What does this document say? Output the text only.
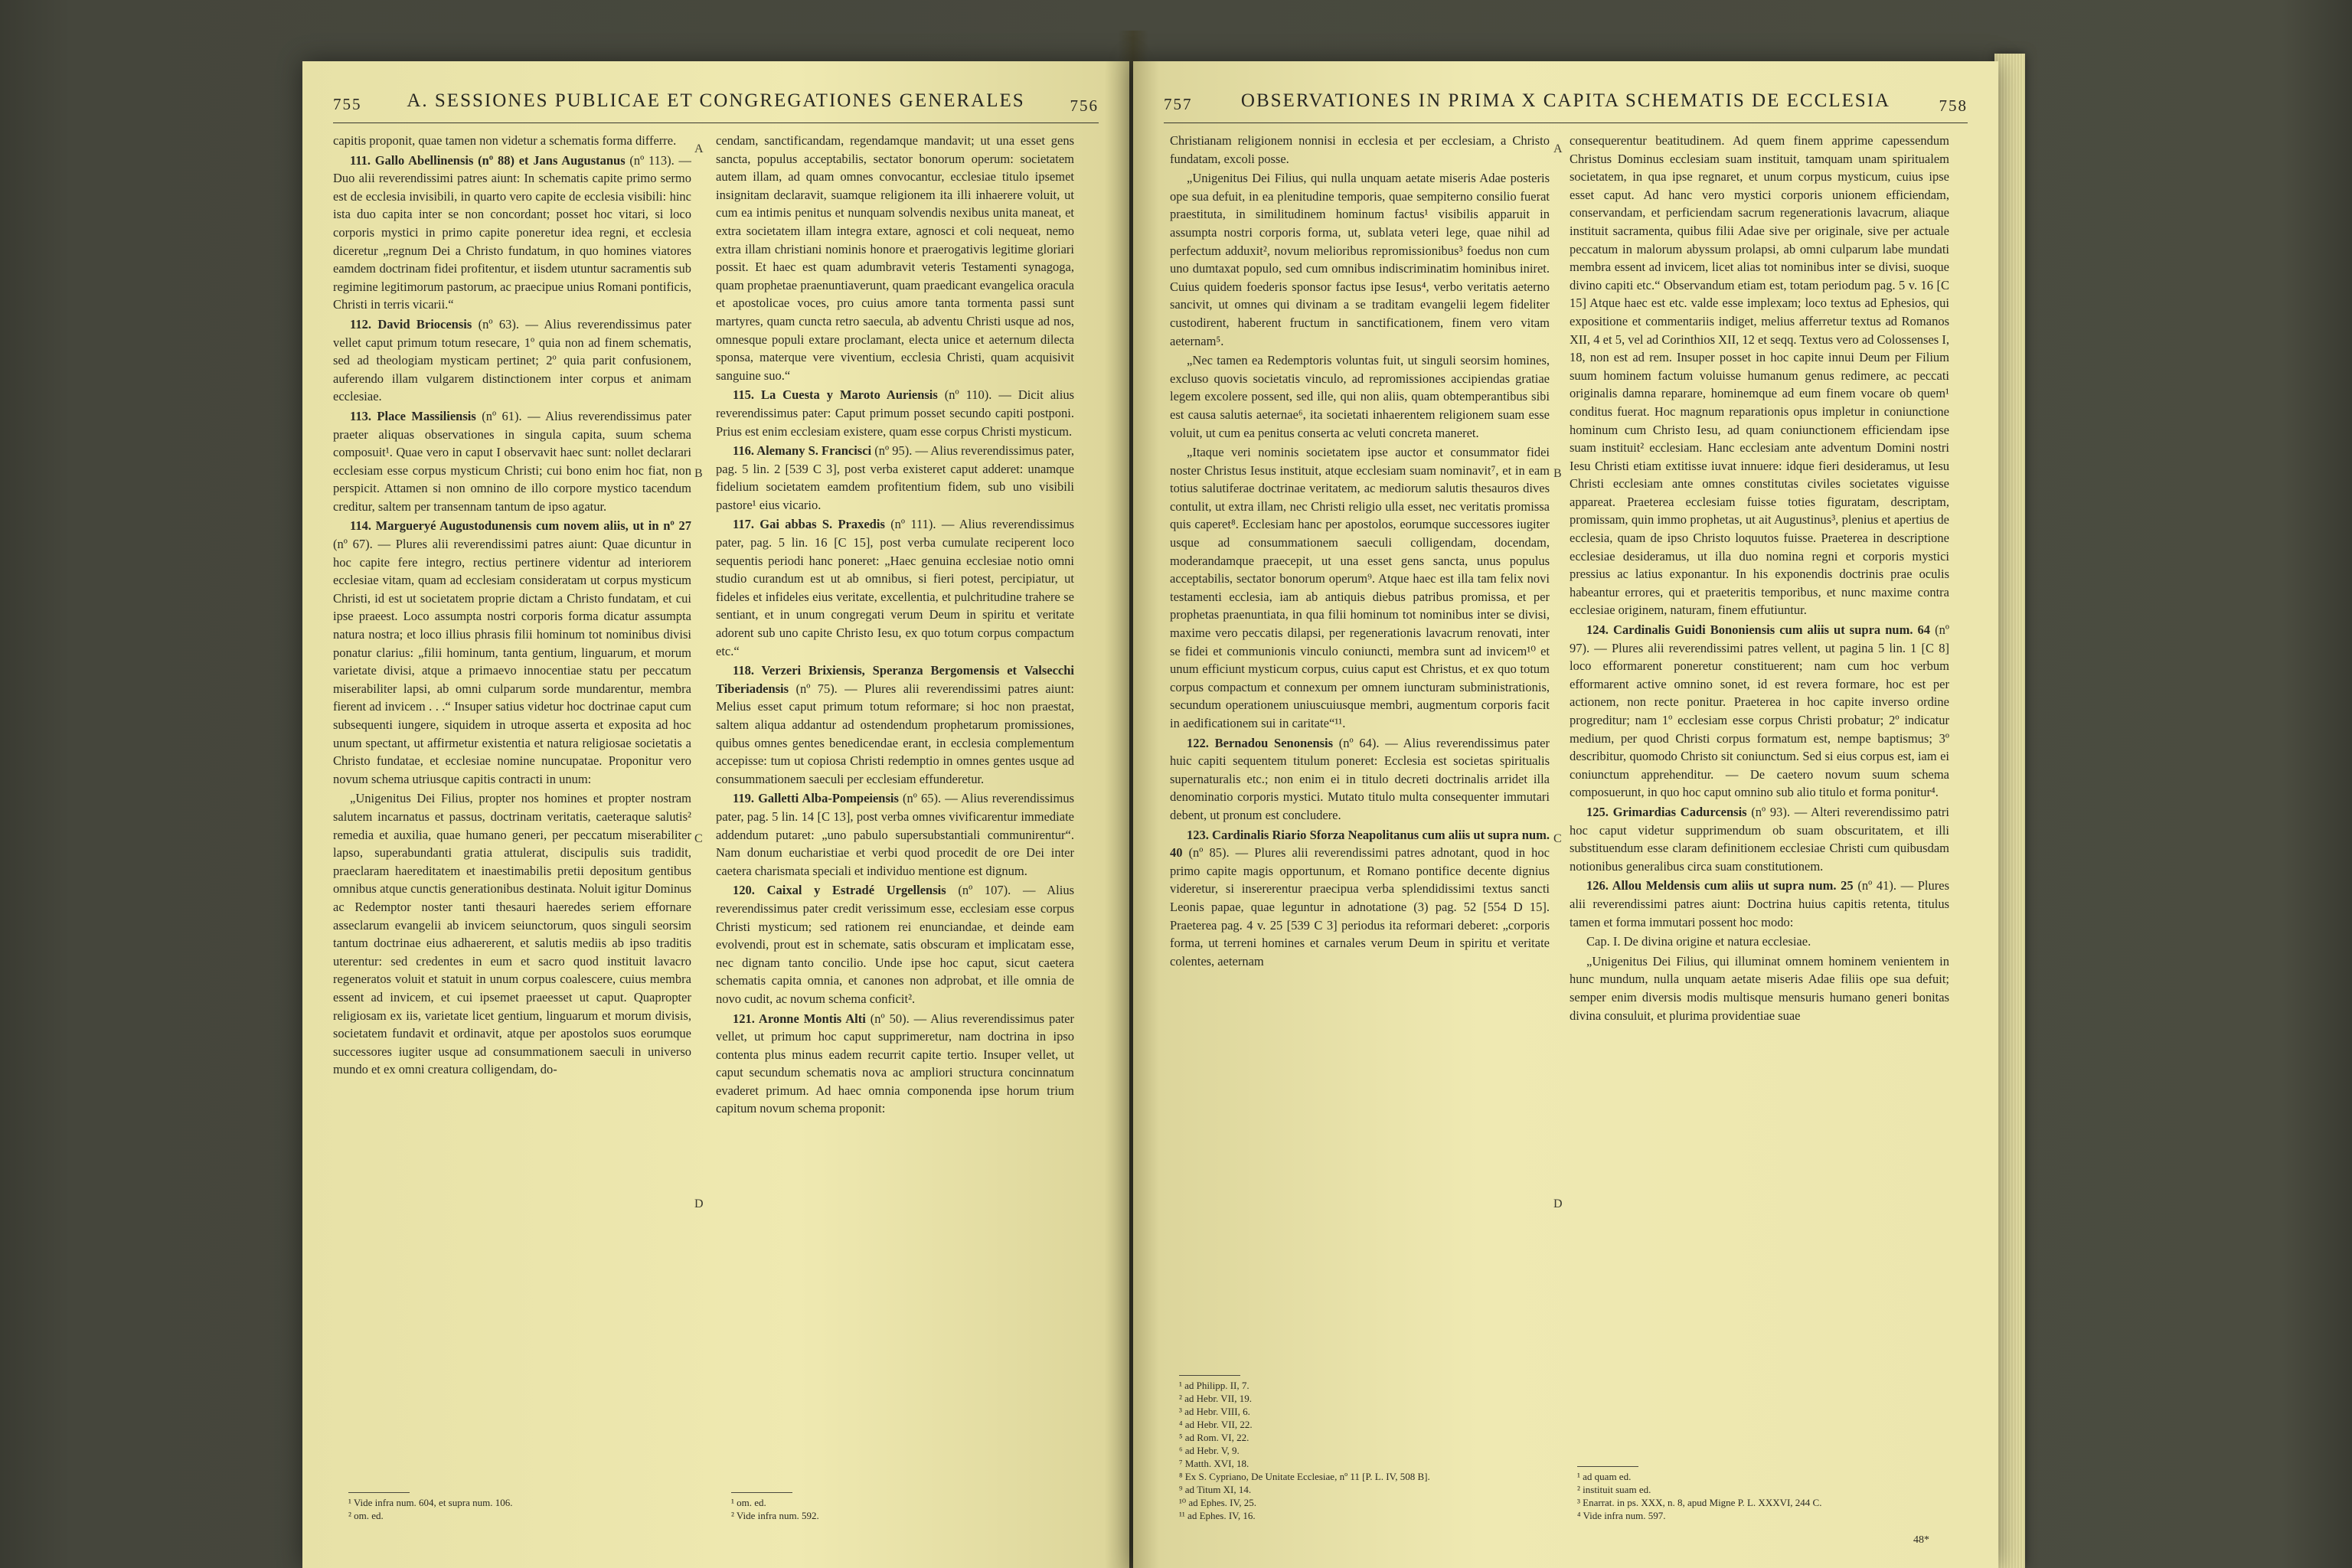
755	A. SESSIONES PUBLICAE ET CONGREGATIONES GENERALES	756

capitis proponit, quae tamen non videtur a schematis forma differre.

111. Gallo Abellinensis (nº 88) et Jans Augustanus (nº 113). — Duo alii reverendissimi patres aiunt: In schematis capite primo sermo est de ecclesia invisibili, in quarto vero capite de ecclesia visibili: hinc ista duo capita inter se non concordant; posset hoc vitari, si loco corporis mystici in primo capite poneretur idea regni, et ecclesia diceretur „regnum Dei a Christo fundatum, in quo homines viatores eamdem doctrinam fidei profitentur, et iisdem utuntur sacramentis sub regimine legitimorum pastorum, ac praecipue unius Romani pontificis, Christi in terris vicarii.“

112. David Briocensis (nº 63). — Alius reverendissimus pater vellet caput primum totum resecare, 1º quia non ad finem schematis, sed ad theologiam mysticam pertinet; 2º quia parit confusionem, auferendo illam vulgarem distinctionem inter corpus et animam ecclesiae.

113. Place Massiliensis (nº 61). — Alius reverendissimus pater praeter aliquas observationes in singula capita, suum schema composuit¹. Quae vero in caput I observavit haec sunt: nollet declarari ecclesiam esse corpus mysticum Christi; cui bono enim hoc fiat, non perspicit. Attamen si non omnino de illo corpore mystico tacendum creditur, saltem per transennam tantum de ipso agatur.

114. Margueryé Augustodunensis cum novem aliis, ut in nº 27 (nº 67). — Plures alii reverendissimi patres aiunt: Quae dicuntur in hoc capite fere integro, rectius pertinere videntur ad interiorem ecclesiae vitam, quam ad ecclesiam consideratam ut corpus mysticum Christi, id est ut societatem proprie dictam a Christo fundatam, et cui ipse praeest. Loco assumpta nostri corporis forma dicatur assumpta natura nostra; et loco illius phrasis filii hominum tot nominibus divisi ponatur clarius: „filii hominum, tanta gentium, linguarum, et morum varietate divisi, atque a primaevo innocentiae statu per peccatum miserabiliter lapsi, ab omni culparum sorde mundarentur, membra fierent ad invicem . . .“ Insuper satius videtur hoc doctrinae caput cum subsequenti iungere, siquidem in utroque asserta et exposita ad hoc unum spectant, ut affirmetur existentia et natura religiosae societatis a Christo fundatae, et ecclesiae nomine nuncupatae. Proponitur vero novum schema utriusque capitis contracti in unum:

„Unigenitus Dei Filius, propter nos homines et propter nostram salutem incarnatus et passus, doctrinam veritatis, caeteraque salutis² remedia et auxilia, quae humano generi, per peccatum miserabiliter lapso, superabundanti gratia attulerat, discipulis suis tradidit, praeclaram haereditatem et inaestimabilis pretii depositum gentibus omnibus atque cunctis generationibus destinata. Noluit igitur Dominus ac Redemptor noster tanti thesauri haeredes seriem effornare asseclarum evangelii ab invicem seiunctorum, quos singuli seorsim tantum doctrinae eius adhaererent, et salutis mediis ab ipso traditis uterentur: sed credentes in eum et sacro quod instituit lavacro regeneratos voluit et statuit in unum corpus coalescere, cuius membra essent ad invicem, et cui ipsemet praeesset ut caput. Quapropter religiosam ex iis, varietate licet gentium, linguarum et morum divisis, societatem fundavit et ordinavit, atque per apostolos suos eorumque successores iugiter usque ad consummationem saeculi in universo mundo et ex omni creatura colligendam, do-

cendam, sanctificandam, regendamque mandavit; ut una esset gens sancta, populus acceptabilis, sectator bonorum operum: societatem autem illam, ad quam omnes convocantur, ecclesiae titulo ipsemet insignitam declaravit, suamque religionem ita illi inhaerere voluit, ut cum ea intimis penitus et nunquam solvendis nexibus unita maneat, et extra societatem illam integra extare, agnosci et coli nequeat, nemo extra illam christiani nominis honore et praerogativis legitime gloriari possit. Et haec est quam adumbravit veteris Testamenti synagoga, quam prophetae praenuntiaverunt, quam praedicant evangelica oracula et apostolicae voces, pro cuius amore tanta tormenta passi sunt martyres, quam cuncta retro saecula, ab adventu Christi usque ad nos, omnesque populi extare proclamant, electa unice et aeternum dilecta sponsa, materque vere viventium, ecclesia Christi, quam acquisivit sanguine suo.“

115. La Cuesta y Maroto Auriensis (nº 110). — Dicit alius reverendissimus pater: Caput primum posset secundo capiti postponi. Prius est enim ecclesiam existere, quam esse corpus Christi mysticum.

116. Alemany S. Francisci (nº 95). — Alius reverendissimus pater, pag. 5 lin. 2 [539 C 3], post verba existeret caput adderet: unamque fidelium societatem eamdem profitentium fidem, sub uno visibili pastore¹ eius vicario.

117. Gai abbas S. Praxedis (nº 111). — Alius reverendissimus pater, pag. 5 lin. 16 [C 15], post verba cumulate reciperent loco sequentis periodi hanc poneret: „Haec genuina ecclesiae notio omni studio curandum est ut ab omnibus, si fieri potest, percipiatur, ut fideles et infideles eius veritate, excellentia, et pulchritudine trahere se sentiant, et in unum congregati verum Deum in spiritu et veritate adorent sub uno capite Christo Iesu, ex quo totum corpus compactum etc.“

118. Verzeri Brixiensis, Speranza Bergomensis et Valsecchi Tiberiadensis (nº 75). — Plures alii reverendissimi patres aiunt: Melius esset caput primum totum reformare; si hoc non praestat, saltem aliqua addantur ad ostendendum prophetarum promissiones, quibus omnes gentes benedicendae erant, in ecclesia complementum accepisse: tum ut copiosa Christi redemptio in omnes gentes usque ad consummationem saeculi per ecclesiam effunderetur.

119. Galletti Alba-Pompeiensis (nº 65). — Alius reverendissimus pater, pag. 5 lin. 14 [C 13], post verba omnes vivificarentur immediate addendum putaret: „uno pabulo supersubstantiali communirentur“. Nam donum eucharistiae et verbi quod procedit de ore Dei inter caetera charismata speciali et individuo mentione est dignum.

120. Caixal y Estradé Urgellensis (nº 107). — Alius reverendissimus pater credit verissimum esse, ecclesiam esse corpus Christi mysticum; sed rationem rei enunciandae, et deinde eam evolvendi, prout est in schemate, satis obscuram et implicatam esse, nec dignam tanto concilio. Unde ipse hoc caput, sicut caetera schematis capita omnia, et canones non adprobat, et ille omnia de novo cudit, ac novum schema conficit².

121. Aronne Montis Alti (nº 50). — Alius reverendissimus pater vellet, ut primum hoc caput supprimeretur, nam doctrina in ipso contenta plus minus eadem recurrit capite tertio. Insuper vellet, ut caput secundum schematis nova ac ampliori structura concinnatum evaderet primum. Ad haec omnia componenda ipse horum trium capitum novum schema proponit:

A
B
C
D
¹ Vide infra num. 604, et supra num. 106.
² om. ed.
¹ om. ed.
² Vide infra num. 592.
757	OBSERVATIONES IN PRIMA X CAPITA SCHEMATIS DE ECCLESIA	758

Christianam religionem nonnisi in ecclesia et per ecclesiam, a Christo fundatam, excoli posse.

„Unigenitus Dei Filius, qui nulla unquam aetate miseris Adae posteris ope sua defuit, in ea plenitudine temporis, quae sempiterno consilio fuerat praestituta, in similitudinem hominum factus¹ visibilis apparuit in assumpta nostri corporis forma, ut, sublata veteri lege, quae nihil ad perfectum adduxit², novum melioribus repromissionibus³ foedus non cum uno dumtaxat populo, sed cum omnibus indiscriminatim hominibus iniret. Cuius quidem foederis sponsor factus ipse Iesus⁴, verbo veritatis aeterno sancivit, ut omnes qui divinam a se traditam evangelii legem fideliter custodirent, haberent fructum in sanctificationem, finem vero vitam aeternam⁵.

„Nec tamen ea Redemptoris voluntas fuit, ut singuli seorsim homines, excluso quovis societatis vinculo, ad repromissiones accipiendas gratiae legem excolere possent, sed ille, qui non aliis, quam obtemperantibus sibi est causa salutis aeternae⁶, ita societati inhaerentem religionem suam esse voluit, ut cum ea penitus conserta ac veluti concreta maneret.

„Itaque veri nominis societatem ipse auctor et consummator fidei noster Christus Iesus instituit, atque ecclesiam suam nominavit⁷, et in eam totius salutiferae doctrinae veritatem, ac mediorum salutis thesauros dives contulit, ut extra illam, nec Christi religio ulla esset, nec veritatis promissa quis caperet⁸. Ecclesiam hanc per apostolos, eorumque successores iugiter usque ad consummationem saeculi colligendam, docendam, moderandamque praecepit, ut una esset gens sancta, unus populus acceptabilis, sectator bonorum operum⁹. Atque haec est illa tam felix novi testamenti ecclesia, iam ab antiquis diebus patribus promissa, et per prophetas praenuntiata, in qua filii hominum tot nominibus inter se divisi, maxime vero peccatis dilapsi, per regenerationis lavacrum renovati, inter se fidei et communionis vinculo coniuncti, membra sunt ad invicem¹⁰ et unum efficiunt mysticum corpus, cuius caput est Christus, et ex quo totum corpus compactum et connexum per omnem iuncturam subministrationis, secundum operationem uniuscuiusque membri, augmentum corporis facit in aedificationem sui in caritate“¹¹.

122. Bernadou Senonensis (nº 64). — Alius reverendissimus pater huic capiti sequentem titulum poneret: Ecclesia est societas spiritualis supernaturalis etc.; non enim ei in titulo decreti doctrinalis arridet illa denominatio corporis mystici. Mutato titulo multa consequenter immutari debent, ut pronum est concludere.

123. Cardinalis Riario Sforza Neapolitanus cum aliis ut supra num. 40 (nº 85). — Plures alii reverendissimi patres adnotant, quod in hoc primo capite magis opportunum, et Romano pontifice decente dignius videretur, si insererentur praecipua verba splendidissimi textus sancti Leonis papae, quae leguntur in adnotatione (3) pag. 52 [554 D 15]. Praeterea pag. 4 v. 25 [539 C 3] periodus ita reformari deberet: „corporis forma, ut terreni homines et carnales verum Deum in spiritu et veritate colentes, aeternam

consequerentur beatitudinem. Ad quem finem apprime capessendum Christus Dominus ecclesiam suam instituit, tamquam unam spiritualem societatem, in qua ipse regnaret, et unum corpus mysticum, cuius ipse esset caput. Ad hanc vero mystici corporis unionem efficiendam, conservandam, et perficiendam sacrum regenerationis lavacrum, aliaque instituit sacramenta, quibus filii Adae sive per originale, sive per actuale peccatum in malorum abyssum prolapsi, ab omni culparum labe mundati membra essent ad invicem, licet alias tot nominibus inter se divisi, suoque divino capiti etc.“ Observandum etiam est, totam periodum pag. 5 v. 16 [C 15] Atque haec est etc. valde esse implexam; loco textus ad Ephesios, qui expositione et commentariis indiget, melius afferretur textus ad Romanos XII, 4 et 5, vel ad Corinthios XII, 12 et seqq. Textus vero ad Colossenses I, 18, non est ad rem. Insuper posset in hoc capite innui Deum per Filium suum hominem factum voluisse humanum genus redimere, ac peccati originalis damna reparare, hominemque ad eum finem vocare ob quem¹ conditus fuerat. Hoc magnum reparationis opus impletur in coniunctione hominum cum Christo Iesu, ad quam coniunctionem efficiendam ipse suam instituit² ecclesiam. Hanc ecclesiam ante adventum Domini nostri Iesu Christi etiam extitisse iuvat innuere: idque fieri desideramus, ut Iesu Christi ecclesiam ante omnes constitutas civiles societates viguisse appareat. Praeterea ecclesiam fuisse toties figuratam, descriptam, promissam, quin immo prophetas, ut ait Augustinus³, plenius et apertius de ecclesia, quam de ipso Christo loquutos fuisse. Praeterea in descriptione ecclesiae desideramus, ut illa duo nomina regni et corporis mystici pressius ac latius exponantur. In his exponendis doctrinis prae oculis habeantur errores, qui et praeteritis temporibus, et nunc maxime contra ecclesiae originem, naturam, finem effutiuntur.

124. Cardinalis Guidi Bononiensis cum aliis ut supra num. 64 (nº 97). — Plures alii reverendissimi patres vellent, ut pagina 5 lin. 1 [C 8] loco efformarent poneretur constituerent; nam cum hoc verbum efformarent active omnino sonet, id est revera formare, hoc est per actionem, non recte ponitur. Praeterea in hoc capite inverso ordine progreditur; nam 1º ecclesiam esse corpus Christi probatur; 2º indicatur medium, per quod Christi corpus formatum est, nempe baptismus; 3º describitur, quomodo Christo sit coniunctum. Sed si eius corpus est, iam ei coniunctum apprehenditur. — De caetero novum suum schema composuerunt, in quo hoc caput omnino sub alio titulo et forma ponitur⁴.

125. Grimardias Cadurcensis (nº 93). — Alteri reverendissimo patri hoc caput videtur supprimendum ob suam obscuritatem, et illi substituendum esse claram definitionem ecclesiae Christi cum quibusdam notionibus generalibus circa suam constitutionem.

126. Allou Meldensis cum aliis ut supra num. 25 (nº 41). — Plures alii reverendissimi patres aiunt: Doctrina huius capitis retenta, titulus tamen et forma immutari possent hoc modo:

Cap. I. De divina origine et natura ecclesiae.

„Unigenitus Dei Filius, qui illuminat omnem hominem venientem in hunc mundum, nulla unquam aetate miseris Adae filiis ope sua defuit; semper enim diversis modis multisque mensuris humano generi bonitas divina consuluit, et plurima providentiae suae

A
B
C
D
¹ ad Philipp. II, 7.
² ad Hebr. VII, 19.
³ ad Hebr. VIII, 6.
⁴ ad Hebr. VII, 22.
⁵ ad Rom. VI, 22.
⁶ ad Hebr. V, 9.
⁷ Matth. XVI, 18.
⁸ Ex S. Cypriano, De Unitate Ecclesiae, nº 11 [P. L. IV, 508 B].
⁹ ad Titum XI, 14.
¹⁰ ad Ephes. IV, 25.
¹¹ ad Ephes. IV, 16.
¹ ad quam ed.
² instituit suam ed.
³ Enarrat. in ps. XXX, n. 8, apud Migne P. L. XXXVI, 244 C.
⁴ Vide infra num. 597.
48*
